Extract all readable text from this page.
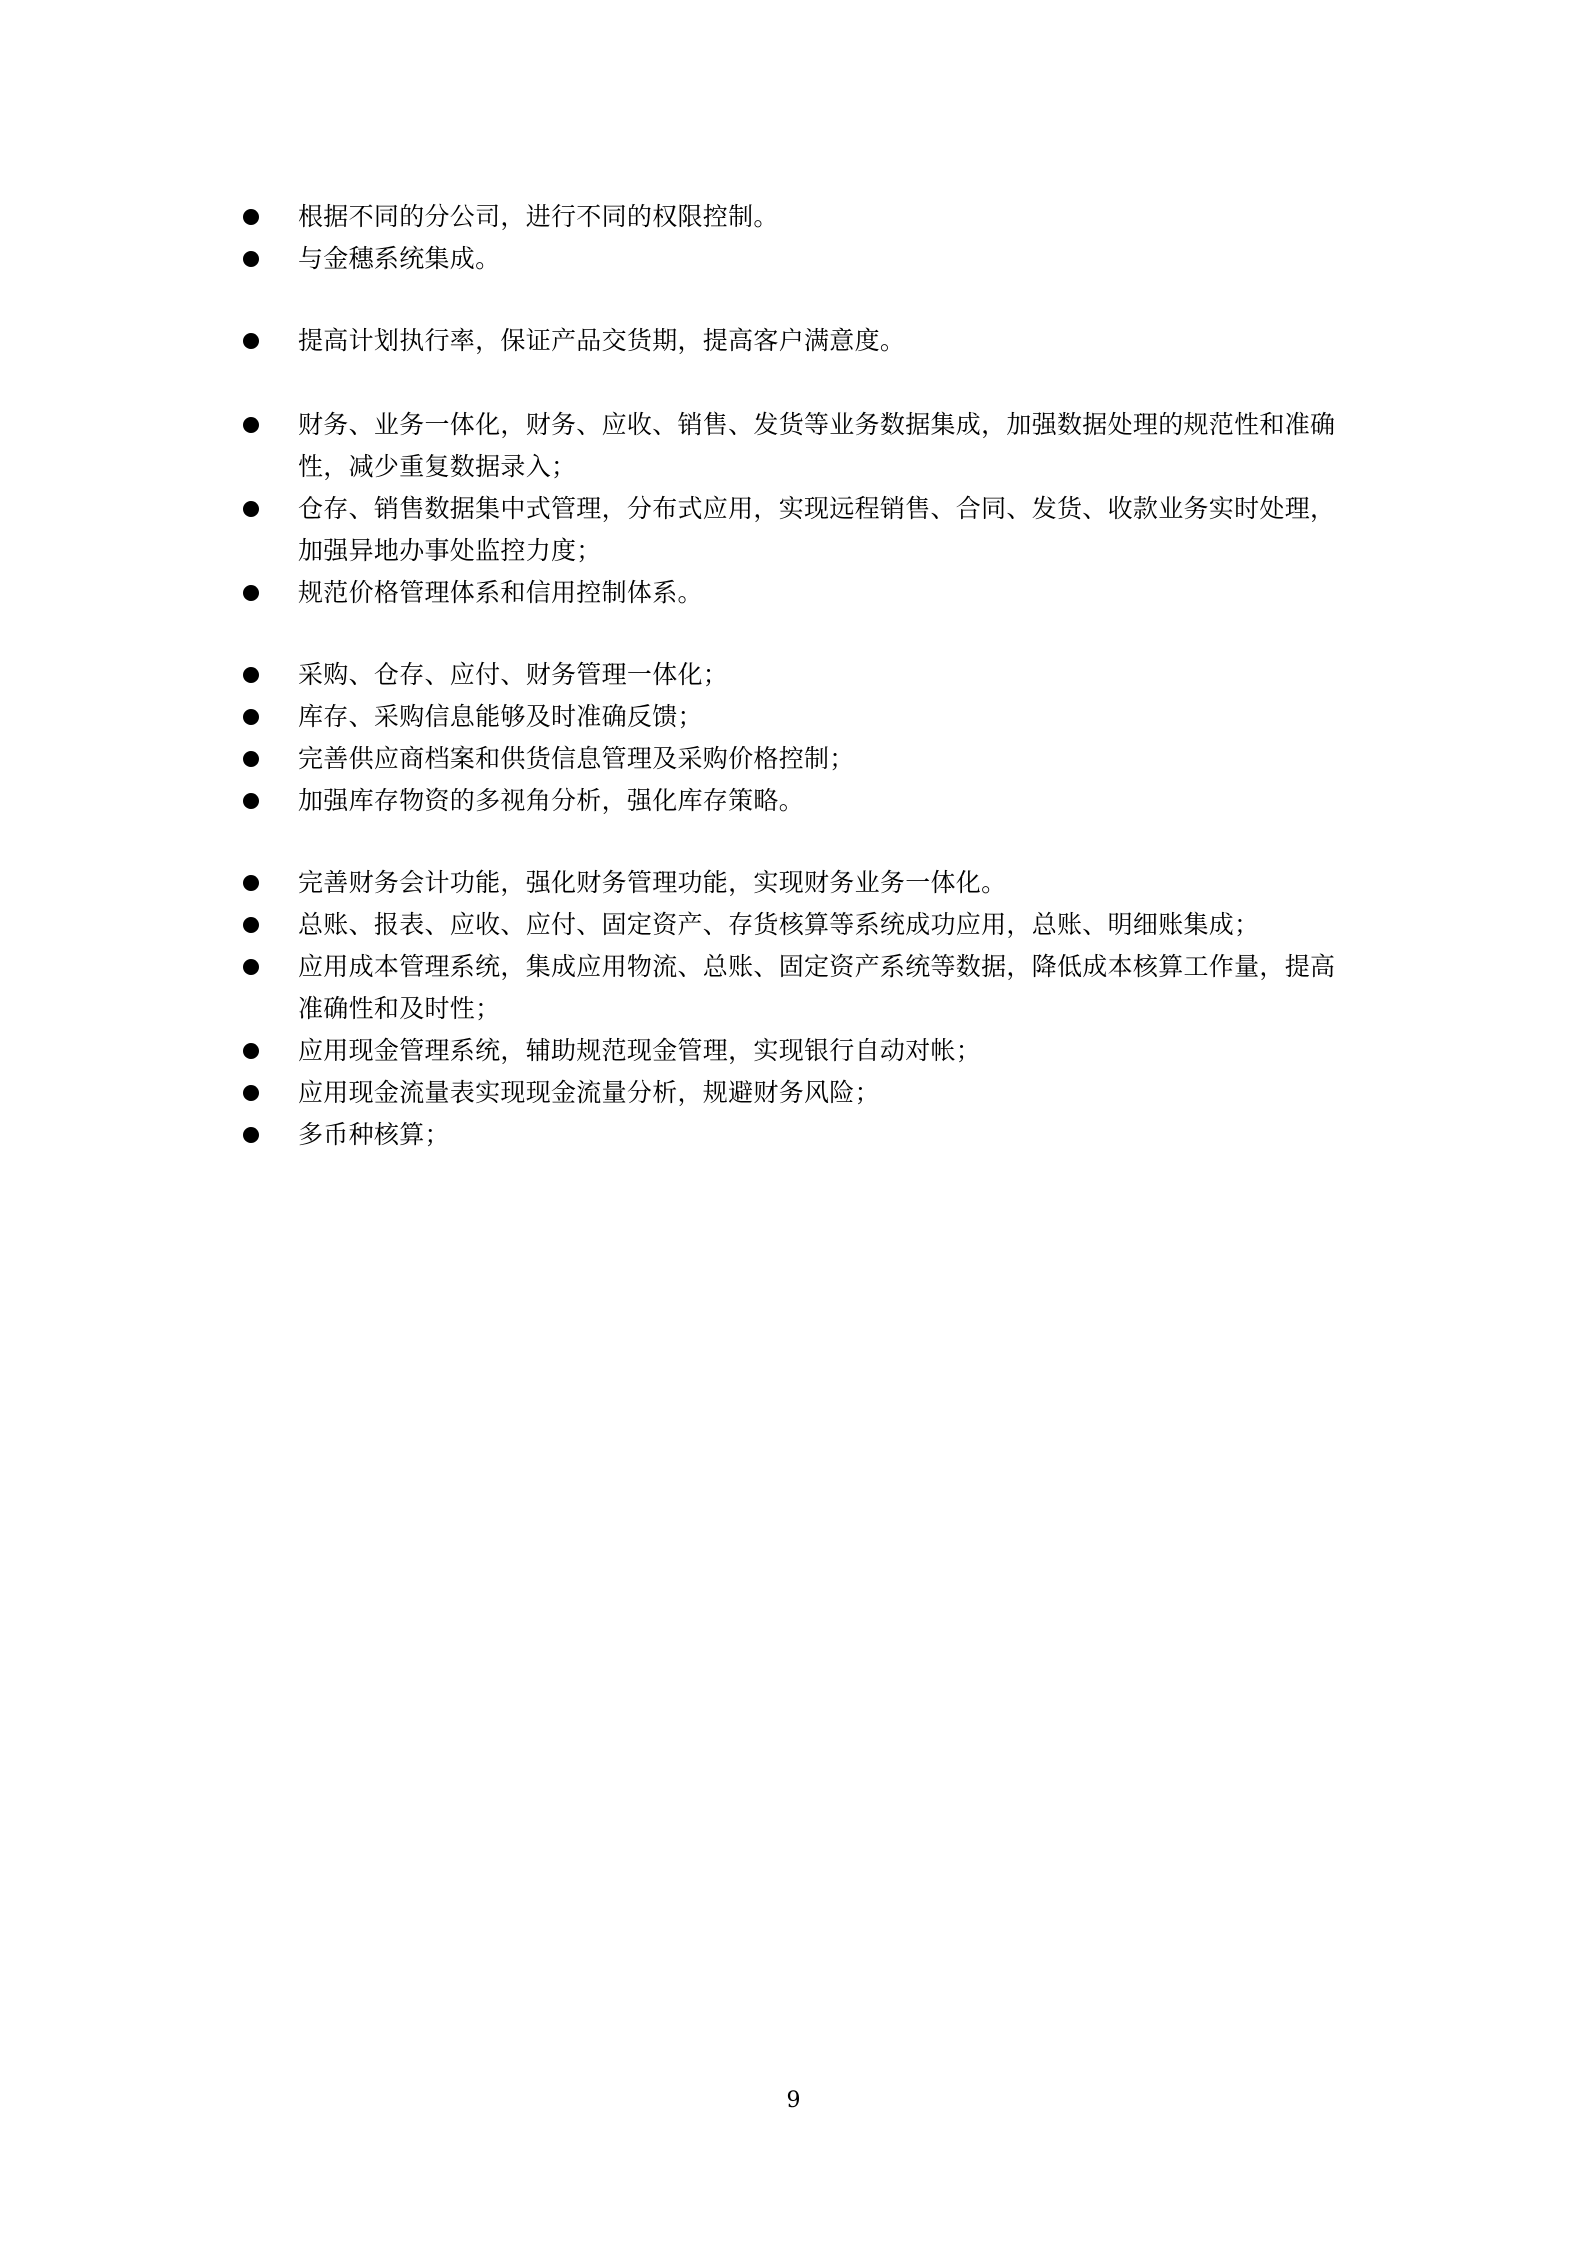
根据不同的分公司，进行不同的权限控制。
与金穗系统集成。
提高计划执行率，保证产品交货期，提高客户满意度。
财务、业务一体化，财务、应收、销售、发货等业务数据集成，加强数据处理的规范性和准确性，减少重复数据录入；
仓存、销售数据集中式管理，分布式应用，实现远程销售、合同、发货、收款业务实时处理，加强异地办事处监控力度；
规范价格管理体系和信用控制体系。
采购、仓存、应付、财务管理一体化；
库存、采购信息能够及时准确反馈；
完善供应商档案和供货信息管理及采购价格控制；
加强库存物资的多视角分析，强化库存策略。
完善财务会计功能，强化财务管理功能，实现财务业务一体化。
总账、报表、应收、应付、固定资产、存货核算等系统成功应用，总账、明细账集成；
应用成本管理系统，集成应用物流、总账、固定资产系统等数据，降低成本核算工作量，提高准确性和及时性；
应用现金管理系统，辅助规范现金管理，实现银行自动对帐；
应用现金流量表实现现金流量分析，规避财务风险；
多币种核算；
9
